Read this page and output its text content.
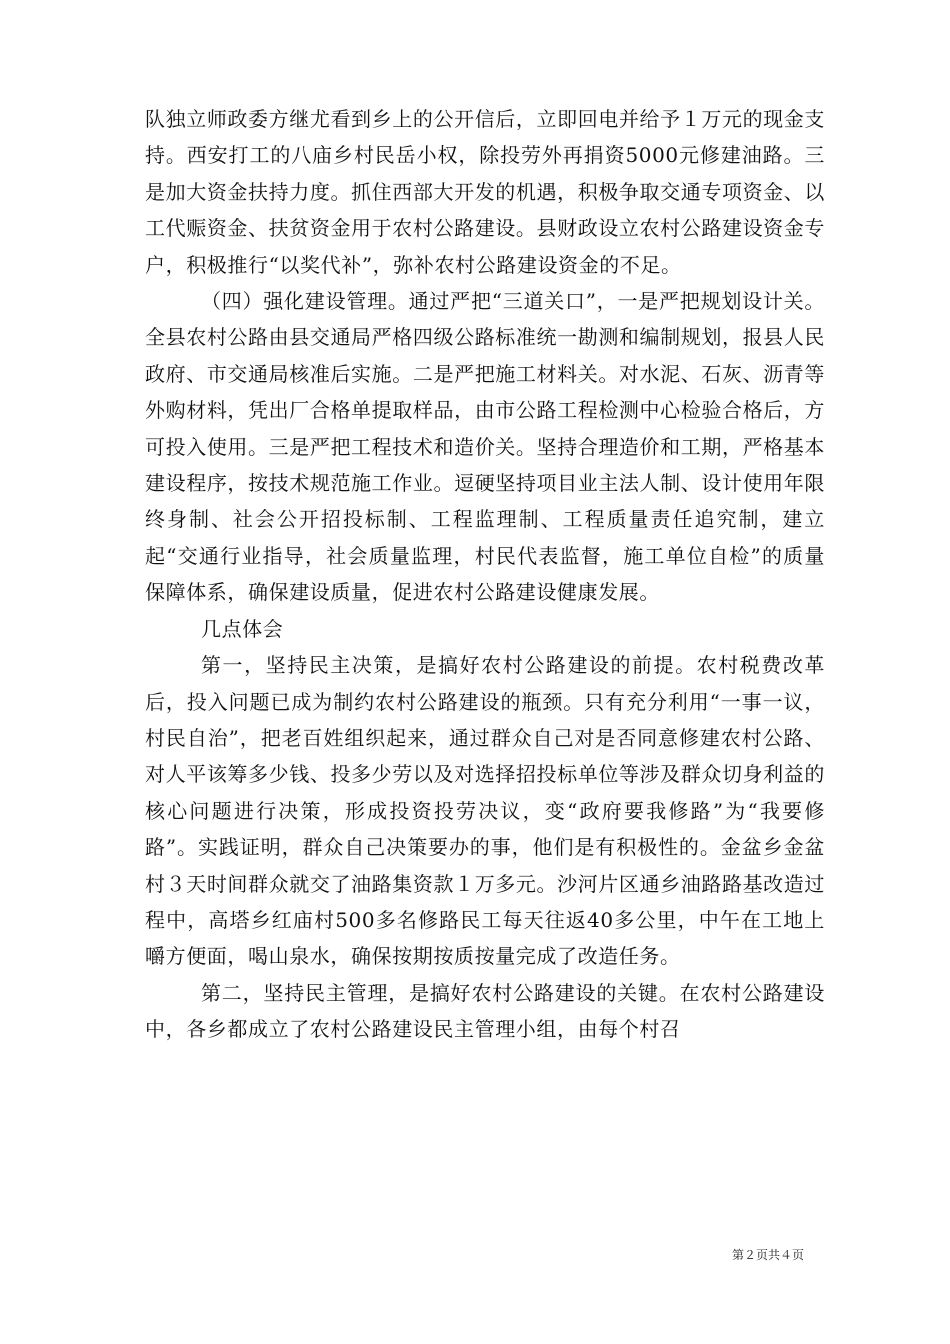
队独立师政委方继尤看到乡上的公开信后，立即回电并给予１万元的现金支持。西安打工的八庙乡村民岳小权，除投劳外再捐资5000元修建油路。三是加大资金扶持力度。抓住西部大开发的机遇，积极争取交通专项资金、以工代赈资金、扶贫资金用于农村公路建设。县财政设立农村公路建设资金专户，积极推行“以奖代补”，弥补农村公路建设资金的不足。

（四）强化建设管理。通过严把“三道关口”，一是严把规划设计关。全县农村公路由县交通局严格四级公路标准统一勘测和编制规划，报县人民政府、市交通局核准后实施。二是严把施工材料关。对水泥、石灰、沥青等外购材料，凭出厂合格单提取样品，由市公路工程检测中心检验合格后，方可投入使用。三是严把工程技术和造价关。坚持合理造价和工期，严格基本建设程序，按技术规范施工作业。逗硬坚持项目业主法人制、设计使用年限终身制、社会公开招投标制、工程监理制、工程质量责任追究制，建立起“交通行业指导，社会质量监理，村民代表监督，施工单位自检”的质量保障体系，确保建设质量，促进农村公路建设健康发展。

几点体会

第一，坚持民主决策，是搞好农村公路建设的前提。农村税费改革后，投入问题已成为制约农村公路建设的瓶颈。只有充分利用“一事一议，村民自治”，把老百姓组织起来，通过群众自己对是否同意修建农村公路、对人平该筹多少钱、投多少劳以及对选择招投标单位等涉及群众切身利益的核心问题进行决策，形成投资投劳决议，变“政府要我修路”为“我要修路”。实践证明，群众自己决策要办的事，他们是有积极性的。金盆乡金盆村３天时间群众就交了油路集资款１万多元。沙河片区通乡油路路基改造过程中，高塔乡红庙村500多名修路民工每天往返40多公里，中午在工地上嚼方便面，喝山泉水，确保按期按质按量完成了改造任务。

第二，坚持民主管理，是搞好农村公路建设的关键。在农村公路建设中，各乡都成立了农村公路建设民主管理小组，由每个村召

第２页共４页
